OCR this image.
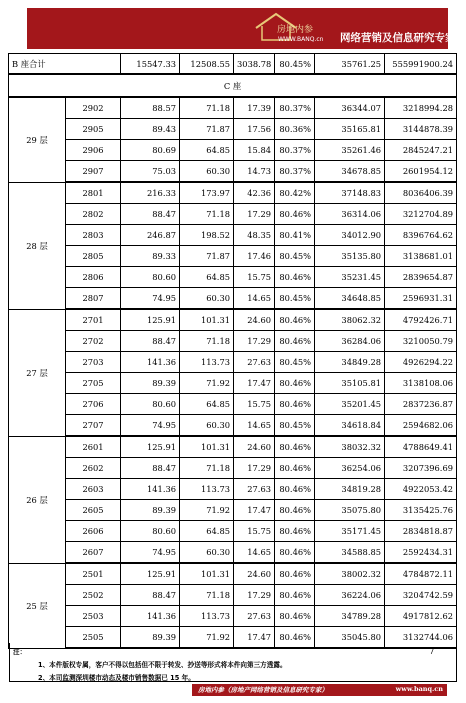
房地内参
WWW.BANQ.cn 网络营销及信息研究专家
B 座合计		15547.33	12508.55	3038.78	80.45%	35761.25	555991900.24
C 座							
29 层	2902	88.57	71.18	17.39	80.37%	36344.07	3218994.28
	2905	89.43	71.87	17.56	80.36%	35165.81	3144878.39
	2906	80.69	64.85	15.84	80.37%	35261.46	2845247.21
	2907	75.03	60.30	14.73	80.37%	34678.85	2601954.12
28 层	2801	216.33	173.97	42.36	80.42%	37148.83	8036406.39
	2802	88.47	71.18	17.29	80.46%	36314.06	3212704.89
	2803	246.87	198.52	48.35	80.41%	34012.90	8396764.62
	2805	89.33	71.87	17.46	80.45%	35135.80	3138681.01
	2806	80.60	64.85	15.75	80.46%	35231.45	2839654.87
	2807	74.95	60.30	14.65	80.45%	34648.85	2596931.31
27 层	2701	125.91	101.31	24.60	80.46%	38062.32	4792426.71
	2702	88.47	71.18	17.29	80.46%	36284.06	3210050.79
	2703	141.36	113.73	27.63	80.45%	34849.28	4926294.22
	2705	89.39	71.92	17.47	80.46%	35105.81	3138108.06
	2706	80.60	64.85	15.75	80.46%	35201.45	2837236.87
	2707	74.95	60.30	14.65	80.45%	34618.84	2594682.06
26 层	2601	125.91	101.31	24.60	80.46%	38032.32	4788649.41
	2602	88.47	71.18	17.29	80.46%	36254.06	3207396.69
	2603	141.36	113.73	27.63	80.46%	34819.28	4922053.42
	2605	89.39	71.92	17.47	80.46%	35075.80	3135425.76
	2606	80.60	64.85	15.75	80.46%	35171.45	2834818.87
	2607	74.95	60.30	14.65	80.46%	34588.85	2592434.31
25 层	2501	125.91	101.31	24.60	80.46%	38002.32	4784872.11
	2502	88.47	71.18	17.29	80.46%	36224.06	3204742.59
	2503	141.36	113.73	27.63	80.46%	34789.28	4917812.62
	2505	89.39	71.92	17.47	80.46%	35045.80	3132744.06
注：
1、本件版权专属，客户不得以包括但不限于转发、抄送等形式将本件向第三方透露。
2、本司监测深圳楼市动态及楼市销售数据已 15 年。
7
房地内参（房地产网络营销及信息研究专家）	www.banq.cn
